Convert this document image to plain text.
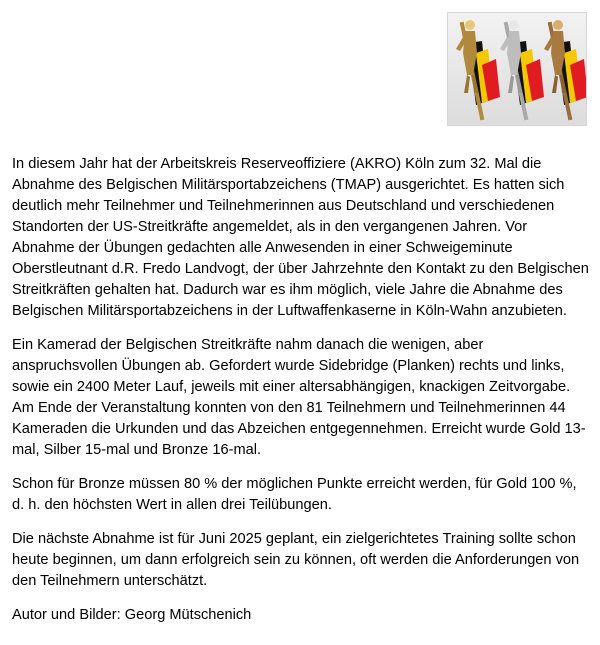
In diesem Jahr hat der Arbeitskreis Reserveoffiziere (AKRO) Köln zum 32. Mal die Abnahme des Belgischen Militärsportabzeichens (TMAP) ausgerichtet. Es hatten sich deutlich mehr Teilnehmer und Teilnehmerinnen aus Deutschland und verschiedenen Standorten der US-Streitkräfte angemeldet, als in den vergangenen Jahren. Vor Abnahme der Übungen gedachten alle Anwesenden in einer Schweigeminute Oberstleutnant d.R. Fredo Landvogt, der über Jahrzehnte den Kontakt zu den Belgischen Streitkräften gehalten hat. Dadurch war es ihm möglich, viele Jahre die Abnahme des Belgischen Militärsportabzeichens in der Luftwaffenkaserne in Köln-Wahn anzubieten.

Ein Kamerad der Belgischen Streitkräfte nahm danach die wenigen, aber anspruchsvollen Übungen ab. Gefordert wurde Sidebridge (Planken) rechts und links, sowie ein 2400 Meter Lauf, jeweils mit einer altersabhängigen, knackigen Zeitvorgabe. Am Ende der Veranstaltung konnten von den 81 Teilnehmern und Teilnehmerinnen 44 Kameraden die Urkunden und das Abzeichen entgegennehmen. Erreicht wurde Gold 13-mal, Silber 15-mal und Bronze 16-mal.

Schon für Bronze müssen 80 % der möglichen Punkte erreicht werden, für Gold 100 %, d. h. den höchsten Wert in allen drei Teilübungen.

Die nächste Abnahme ist für Juni 2025 geplant, ein zielgerichtetes Training sollte schon heute beginnen, um dann erfolgreich sein zu können, oft werden die Anforderungen von den Teilnehmern unterschätzt.

Autor und Bilder: Georg Mütschenich
